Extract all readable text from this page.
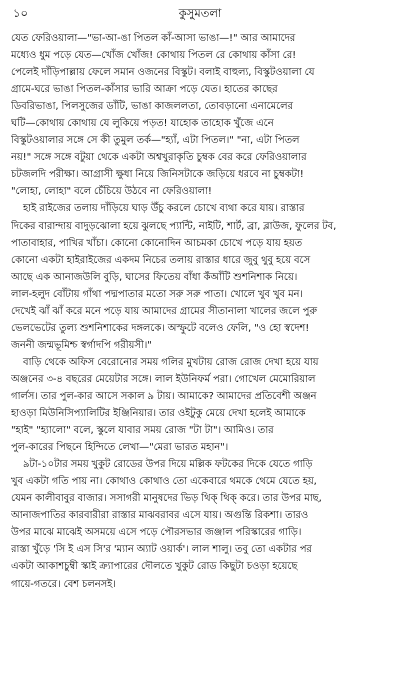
১০	কুসুমতলা
যেত ফেরিওয়ালা—"ভা-আ-ঙা পিতল কাঁ-আসা ভাঙা—!" আর আমাদের
মধ্যেও ধুম পড়ে যেত—খোঁজ খোঁজ! কোথায় পিতল রে কোথায় কাঁসা রে!
পেলেই দাঁড়িপাল্লায় ফেলে সমান ওজনের বিস্কুট। বলাই বাহুল্য, বিস্কুটওয়ালা যে
গ্রামে-ঘরে ভাঙা পিতল-কাঁসার ভারি আক্রা পড়ে যেত। হাতের কাছের
ডিবরিভাঙা, পিলসুজের ডাঁটি, ভাঙা কাজললতা, তোবড়ানো এনামেলের
ঘটি—কোথায় কোথায় যে লুকিয়ে পড়ত! যাহোক তাহোক খুঁজে এনে
বিস্কুটওয়ালার সঙ্গে সে কী তুমুল তর্ক—"হ্যাঁ, এটা পিতল।" "না, এটা পিতল
নয়!" সঙ্গে সঙ্গে বটুয়া থেকে একটা অশ্বখুরাকৃতি চুম্বক বের করে ফেরিওয়ালার
চটজলদি পরীক্ষা। আগ্রাসী ক্ষুধা নিয়ে জিনিসটাকে জড়িয়ে ধরবে না চুম্বকটা!
"লোহা, লোহা" বলে চেঁচিয়ে উঠবে না ফেরিওয়ালা!
হাই রাইজের তলায় দাঁড়িয়ে ঘাড় উঁচু করলে চোখে ব্যথা করে যায়। রাস্তার
দিকের বারান্দায় বাদুড়ঝোলা হয়ে ঝুলছে প্যান্টি, নাইটি, শার্ট, ব্রা, ব্লাউজ, ফুলের টব,
পাতাবাহার, পাখির খাঁচা। কোনো কোনোদিন আচমকা চোখে পড়ে যায় হয়ত
কোনো একটা হাইরাইজের একদম নিচের তলায় রাস্তার ধারে জুবু থুবু হয়ে বসে
আছে এক আনাজউলি বুড়ি, ঘাসের ফিতেয় বাঁধা কঁআঁটি শুশনিশাক নিয়ে।
লাল-হলুদ বোঁটায় গাঁথা পদ্মপাতার মতো সরু সরু পাতা। খোলে খুব খুব মন।
দেখেই ঝাঁ ঝাঁ করে মনে পড়ে যায় আমাদের গ্রামের সীতানালা খালের জলে পুরু
ভেলভেটের তুল্য শুশনিশাকের দঙ্গলকে। অস্ফুটে বলেও ফেলি, "ও হো স্বদেশ!
জননী জন্মভূমিশ্চ স্বর্গাদপি গরীয়সী।"
বাড়ি থেকে অফিস বেরোনোর সময় গলির মুখটায় রোজ রোজ দেখা হয়ে যায়
অঞ্জনের ৩-৪ বছরের মেয়েটার সঙ্গে। লাল ইউনিফর্ম পরা। গোখেল মেমোরিয়াল
গার্লস। তার পুল-কার আসে সকাল ৯ টায়। আমাকে? আমাদের প্রতিবেশী অঞ্জন
হাওড়া মিউনিসিপ্যালিটির ইঞ্জিনিয়ার। তার ওইটুকু মেয়ে দেখা হলেই আমাকে
"হাই" "হ্যালো" বলে, স্কুলে যাবার সময় রোজ "টা টা"। আমিও। তার
পুল-কারের পিছনে হিন্দিতে লেখা—"মেরা ভারত মহান"।
৯টা-১০টার সময় খুকুট রোডের উপর দিয়ে মল্লিক ফটকের দিকে যেতে গাড়ি
খুব একটা গতি পায় না। কোথাও কোথাও তো একেবারে থমকে থেমে যেতে হয়,
যেমন কালীবাবুর বাজার। সসাগরী মানুষদের ভিড় থিক্ থিক্ করে। তার উপর মাছ,
আনাজপাতির কারবারীরা রাস্তার মাঝবরাবর এসে যায়। অগুন্তি রিকশা। তারও
উপর মাঝে মাঝেই অসময়ে এসে পড়ে পৌরসভার জঞ্জাল পরিস্কারের গাড়ি।
রাস্তা খুঁড়ে 'সি ই এস সি'র 'ম্যান অ্যাট ওয়ার্ক'। লাল শালু। তবু তো একটার পর
একটা আকাশচুম্বী স্কাই ক্র্যাপারের দৌলতে খুকুট রোড কিছুটা চওড়া হয়েছে
গায়ে-গতরে। বেশ চলনসই।
